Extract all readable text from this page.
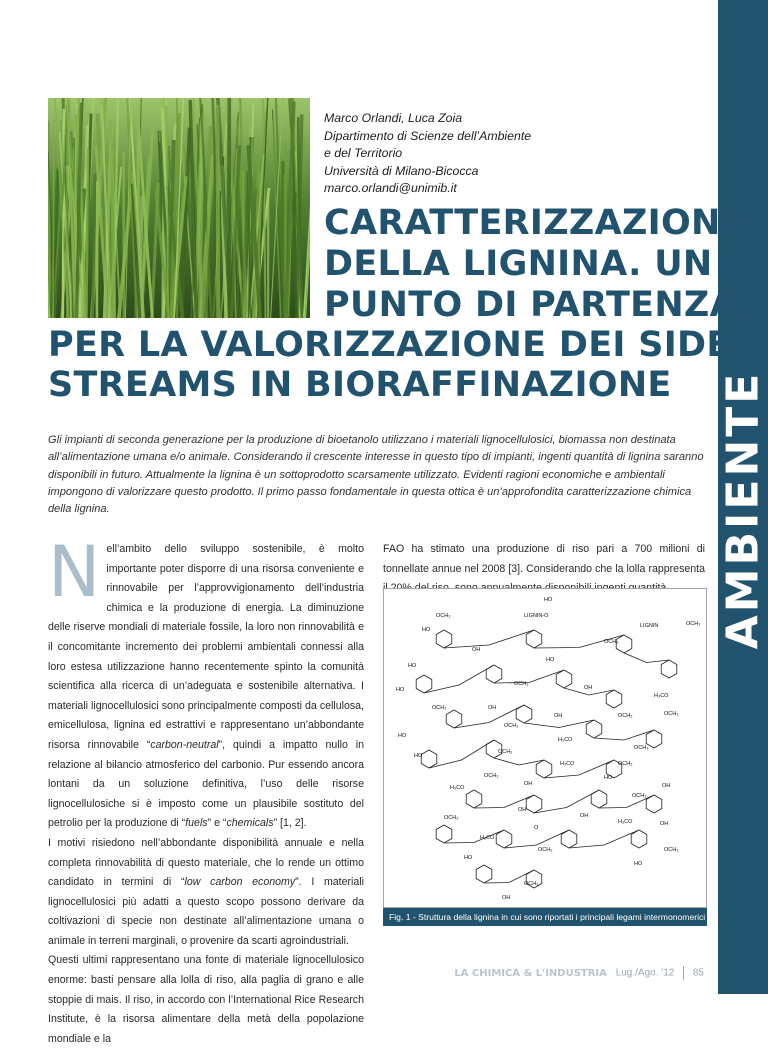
AMBIENTE
Marco Orlandi, Luca Zoia
Dipartimento di Scienze dell’Ambiente
e del Territorio
Università di Milano-Bicocca
marco.orlandi@unimib.it
CARATTERIZZAZIONE
DELLA LIGNINA. UN
PUNTO DI PARTENZA
PER LA VALORIZZAZIONE DEI SIDE-
STREAMS IN BIORAFFINAZIONE
Gli impianti di seconda generazione per la produzione di bioetanolo utilizzano i materiali lignocellulosici, biomassa non destinata all’alimentazione umana e/o animale. Considerando il crescente interesse in questo tipo di impianti, ingenti quantità di lignina saranno disponibili in futuro. Attualmente la lignina è un sottoprodotto scarsamente utilizzato. Evidenti ragioni economiche e ambientali impongono di valorizzare questo prodotto. Il primo passo fondamentale in questa ottica è un’approfondita caratterizzazione chimica della lignina.

Nell’ambito dello sviluppo sostenibile, è molto importante poter disporre di una risorsa conveniente e rinnovabile per l’approvvigionamento dell’industria chimica e la produzione di energia. La diminuzione delle riserve mondiali di materiale fossile, la loro non rinnovabilità e il concomitante incremento dei problemi ambientali connessi alla loro estesa utilizzazione hanno recentemente spinto la comunità scientifica alla ricerca di un’adeguata e sostenibile alternativa. I materiali lignocellulosici sono principalmente composti da cellulosa, emicellulosa, lignina ed estrattivi e rappresentano un’abbondante risorsa rinnovabile “carbon-neutral”, quindi a impatto nullo in relazione al bilancio atmosferico del carbonio. Pur essendo ancora lontani da un soluzione definitiva, l’uso delle risorse lignocellulosiche si è imposto come un plausibile sostituto del petrolio per la produzione di “fuels” e “chemicals” [1, 2].

I motivi risiedono nell’abbondante disponibilità annuale e nella completa rinnovabilità di questo materiale, che lo rende un ottimo candidato in termini di “low carbon economy”. I materiali lignocellulosici più adatti a questo scopo possono derivare da coltivazioni di specie non destinate all’alimentazione umana o animale in terreni marginali, o provenire da scarti agroindustriali.

Questi ultimi rappresentano una fonte di materiale lignocellulosico enorme: basti pensare alla lolla di riso, alla paglia di grano e alle stoppie di mais. Il riso, in accordo con l’International Rice Research Institute, è la risorsa alimentare della metà della popolazione mondiale e la

FAO ha stimato una produzione di riso pari a 700 milioni di tonnellate annue nel 2008 [3]. Considerando che la lolla rappresenta
OCH₃
HO
OH
LIGNIN-O
HO
LIGNIN	OCH₃
OCH₃
HO
HO
OCH₃
HO
OH
H₃CO
OH
OCH₃
OH
OCH₃
H₃CO
OCH₃	OCH₃
HO
HO
OCH₃
H₃CO	OCH₃
OCH₃
OCH₃
H₃CO
OH
HO
OCH₃
OH
OCH₃
OH
OH
H₃CO	OH
OCH₃
HO
H₃CO
OCH₃
HO
OCH₃
OH
O
Fig. 1 - Struttura della lignina in cui sono riportati i principali legami intermonomerici
LA CHIMICA & L'INDUSTRIA Lug./Ago. '12 85
